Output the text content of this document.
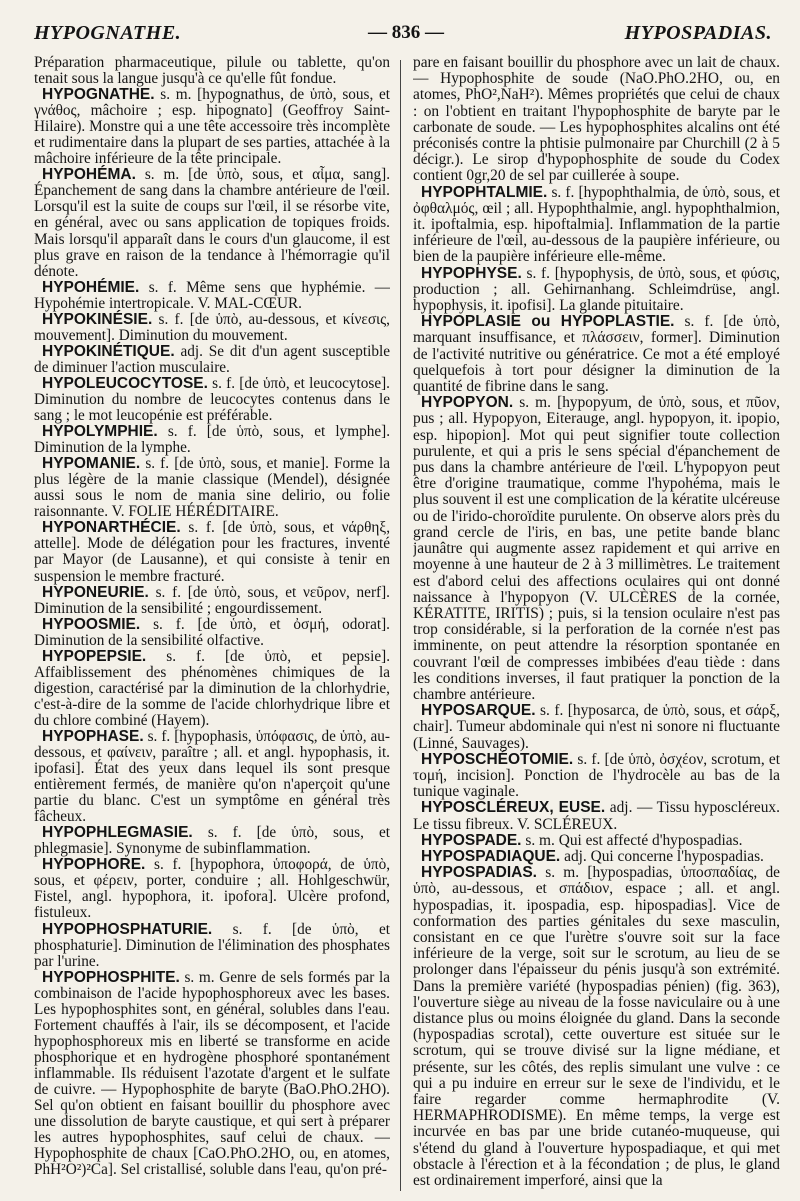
HYPOGNATHE.	— 836 —	HYPOSPADIAS.

Préparation pharmaceutique, pilule ou tablette, qu'on tenait sous la langue jusqu'à ce qu'elle fût fondue.

HYPOGNATHE. s. m. [hypognathus, de ὑπὸ, sous, et γνάθος, mâchoire ; esp. hipognato] (Geoffroy Saint-Hilaire). Monstre qui a une tête accessoire très incomplète et rudimentaire dans la plupart de ses parties, attachée à la mâchoire inférieure de la tête principale.

HYPOHÉMA. s. m. [de ὑπὸ, sous, et αἷμα, sang]. Épanchement de sang dans la chambre antérieure de l'œil. Lorsqu'il est la suite de coups sur l'œil, il se résorbe vite, en général, avec ou sans application de topiques froids. Mais lorsqu'il apparaît dans le cours d'un glaucome, il est plus grave en raison de la tendance à l'hémorragie qu'il dénote.

HYPOHÉMIE. s. f. Même sens que hyphémie. — Hypohémie intertropicale. V. MAL-CŒUR.

HYPOKINÉSIE. s. f. [de ὑπὸ, au-dessous, et κίνεσις, mouvement]. Diminution du mouvement.

HYPOKINÉTIQUE. adj. Se dit d'un agent susceptible de diminuer l'action musculaire.

HYPOLEUCOCYTOSE. s. f. [de ὑπὸ, et leucocytose]. Diminution du nombre de leucocytes contenus dans le sang ; le mot leucopénie est préférable.

HYPOLYMPHIE. s. f. [de ὑπὸ, sous, et lymphe]. Diminution de la lymphe.

HYPOMANIE. s. f. [de ὑπὸ, sous, et manie]. Forme la plus légère de la manie classique (Mendel), désignée aussi sous le nom de mania sine delirio, ou folie raisonnante. V. FOLIE HÉRÉDITAIRE.

HYPONARTHÉCIE. s. f. [de ὑπὸ, sous, et νάρθηξ, attelle]. Mode de délégation pour les fractures, inventé par Mayor (de Lausanne), et qui consiste à tenir en suspension le membre fracturé.

HYPONEURIE. s. f. [de ὑπὸ, sous, et νεῦρον, nerf]. Diminution de la sensibilité ; engourdissement.

HYPOOSMIE. s. f. [de ὑπὸ, et ὀσμή, odorat]. Diminution de la sensibilité olfactive.

HYPOPEPSIE. s. f. [de ὑπὸ, et pepsie]. Affaiblissement des phénomènes chimiques de la digestion, caractérisé par la diminution de la chlorhydrie, c'est-à-dire de la somme de l'acide chlorhydrique libre et du chlore combiné (Hayem).

HYPOPHASE. s. f. [hypophasis, ὑπόφασις, de ὑπὸ, au-dessous, et φαίνειν, paraître ; all. et angl. hypophasis, it. ipofasi]. État des yeux dans lequel ils sont presque entièrement fermés, de manière qu'on n'aperçoit qu'une partie du blanc. C'est un symptôme en général très fâcheux.

HYPOPHLEGMASIE. s. f. [de ὑπὸ, sous, et phlegmasie]. Synonyme de subinflammation.

HYPOPHORE. s. f. [hypophora, ὑποφορά, de ὑπὸ, sous, et φέρειν, porter, conduire ; all. Hohlgeschwür, Fistel, angl. hypophora, it. ipofora]. Ulcère profond, fistuleux.

HYPOPHOSPHATURIE. s. f. [de ὑπὸ, et phosphaturie]. Diminution de l'élimination des phosphates par l'urine.

HYPOPHOSPHITE. s. m. Genre de sels formés par la combinaison de l'acide hypophosphoreux avec les bases. Les hypophosphites sont, en général, solubles dans l'eau. Fortement chauffés à l'air, ils se décomposent, et l'acide hypophosphoreux mis en liberté se transforme en acide phosphorique et en hydrogène phosphoré spontanément inflammable. Ils réduisent l'azotate d'argent et le sulfate de cuivre. — Hypophosphite de baryte (BaO.PhO.2HO). Sel qu'on obtient en faisant bouillir du phosphore avec une dissolution de baryte caustique, et qui sert à préparer les autres hypophosphites, sauf celui de chaux. — Hypophosphite de chaux [CaO.PhO.2HO, ou, en atomes, PhH²O²)²Ca]. Sel cristallisé, soluble dans l'eau, qu'on pré-

pare en faisant bouillir du phosphore avec un lait de chaux. — Hypophosphite de soude (NaO.PhO.2HO, ou, en atomes, PhO²,NaH²). Mêmes propriétés que celui de chaux : on l'obtient en traitant l'hypophosphite de baryte par le carbonate de soude. — Les hypophosphites alcalins ont été préconisés contre la phtisie pulmonaire par Churchill (2 à 5 décigr.). Le sirop d'hypophosphite de soude du Codex contient 0gr,20 de sel par cuillerée à soupe.

HYPOPHTALMIE. s. f. [hypophthalmia, de ὑπὸ, sous, et ὀφθαλμός, œil ; all. Hypophthalmie, angl. hypophthalmion, it. ipoftalmia, esp. hipoftalmia]. Inflammation de la partie inférieure de l'œil, au-dessous de la paupière inférieure, ou bien de la paupière inférieure elle-même.

HYPOPHYSE. s. f. [hypophysis, de ὑπὸ, sous, et φύσις, production ; all. Gehirnanhang. Schleimdrüse, angl. hypophysis, it. ipofisi]. La glande pituitaire.

HYPOPLASIE ou HYPOPLASTIE. s. f. [de ὑπὸ, marquant insuffisance, et πλάσσειν, former]. Diminution de l'activité nutritive ou génératrice. Ce mot a été employé quelquefois à tort pour désigner la diminution de la quantité de fibrine dans le sang.

HYPOPYON. s. m. [hypopyum, de ὑπὸ, sous, et πῦον, pus ; all. Hypopyon, Eiterauge, angl. hypopyon, it. ipopio, esp. hipopion]. Mot qui peut signifier toute collection purulente, et qui a pris le sens spécial d'épanchement de pus dans la chambre antérieure de l'œil. L'hypopyon peut être d'origine traumatique, comme l'hypohéma, mais le plus souvent il est une complication de la kératite ulcéreuse ou de l'irido-choroïdite purulente. On observe alors près du grand cercle de l'iris, en bas, une petite bande blanc jaunâtre qui augmente assez rapidement et qui arrive en moyenne à une hauteur de 2 à 3 millimètres. Le traitement est d'abord celui des affections oculaires qui ont donné naissance à l'hypopyon (V. ULCÈRES de la cornée, KÉRATITE, IRITIS) ; puis, si la tension oculaire n'est pas trop considérable, si la perforation de la cornée n'est pas imminente, on peut attendre la résorption spontanée en couvrant l'œil de compresses imbibées d'eau tiède : dans les conditions inverses, il faut pratiquer la ponction de la chambre antérieure.

HYPOSARQUE. s. f. [hyposarca, de ὑπὸ, sous, et σάρξ, chair]. Tumeur abdominale qui n'est ni sonore ni fluctuante (Linné, Sauvages).

HYPOSCHÉOTOMIE. s. f. [de ὑπὸ, ὀσχέον, scrotum, et τομή, incision]. Ponction de l'hydrocèle au bas de la tunique vaginale.

HYPOSCLÉREUX, EUSE. adj. — Tissu hyposcléreux. Le tissu fibreux. V. SCLÉREUX.

HYPOSPADE. s. m. Qui est affecté d'hypospadias.

HYPOSPADIAQUE. adj. Qui concerne l'hypospadias.

HYPOSPADIAS. s. m. [hypospadias, ὑποσπαδίας, de ὑπὸ, au-dessous, et σπάδιον, espace ; all. et angl. hypospadias, it. ipospadia, esp. hipospadias]. Vice de conformation des parties génitales du sexe masculin, consistant en ce que l'urètre s'ouvre soit sur la face inférieure de la verge, soit sur le scrotum, au lieu de se prolonger dans l'épaisseur du pénis jusqu'à son extrémité. Dans la première variété (hypospadias pénien) (fig. 363), l'ouverture siège au niveau de la fosse naviculaire ou à une distance plus ou moins éloignée du gland. Dans la seconde (hypospadias scrotal), cette ouverture est située sur le scrotum, qui se trouve divisé sur la ligne médiane, et présente, sur les côtés, des replis simulant une vulve : ce qui a pu induire en erreur sur le sexe de l'individu, et le faire regarder comme hermaphrodite (V. HERMAPHRODISME). En même temps, la verge est incurvée en bas par une bride cutanéo-muqueuse, qui s'étend du gland à l'ouverture hypospadiaque, et qui met obstacle à l'érection et à la fécondation ; de plus, le gland est ordinairement imperforé, ainsi que la
